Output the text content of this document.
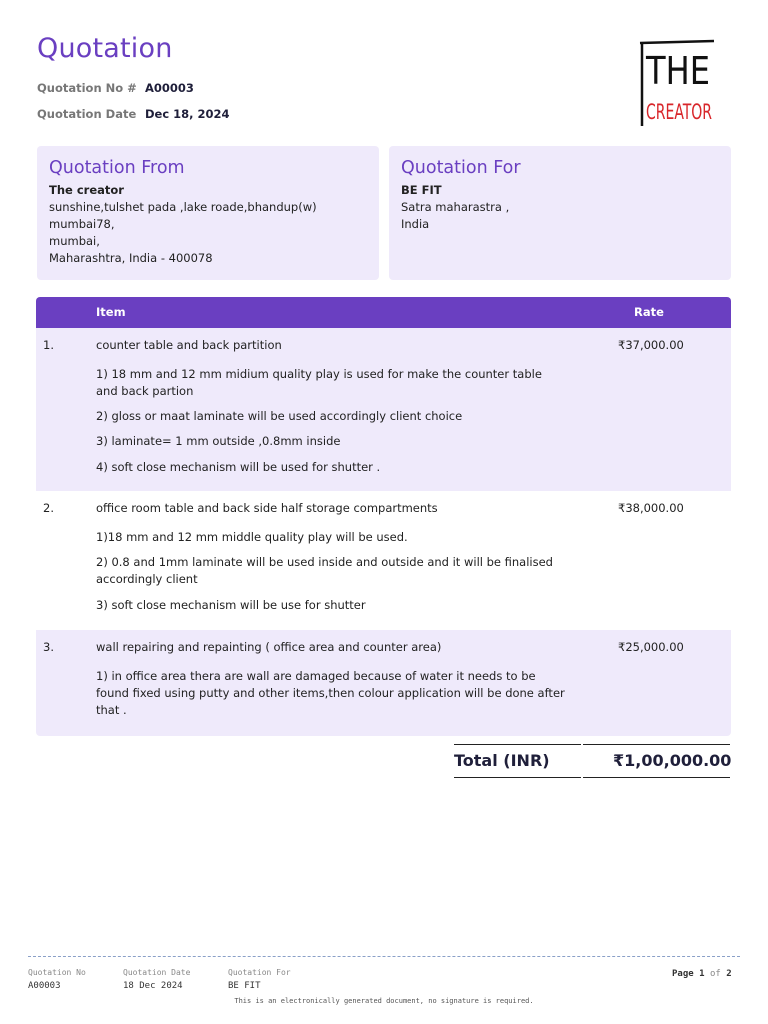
Quotation
Quotation No # A00003
Quotation Date Dec 18, 2024
THE
CREATOR
Quotation From
The creator
sunshine,tulshet pada ,lake roade,bhandup(w)
mumbai78,
mumbai,
Maharashtra, India - 400078
Quotation For
BE FIT
Satra maharastra ,
India
Item	Rate
1.	counter table and back partition	₹37,000.00
1) 18 mm and 12 mm midium quality play is used for make the counter table and back partion
2) gloss or maat laminate will be used accordingly client choice
3) laminate= 1 mm outside ,0.8mm inside
4) soft close mechanism will be used for shutter .
2.	office room table and back side half storage compartments	₹38,000.00
1)18 mm and 12 mm middle quality play will be used.
2) 0.8 and 1mm laminate will be used inside and outside and it will be finalised accordingly client
3) soft close mechanism will be use for shutter
3.	wall repairing and repainting ( office area and counter area)	₹25,000.00
1) in office area thera are wall are damaged because of water it needs to be found fixed using putty and other items,then colour application will be done after that .
Total (INR)	₹1,00,000.00
Quotation No
A00003
Quotation Date
18 Dec 2024
Quotation For
BE FIT
Page 1 of 2
This is an electronically generated document, no signature is required.
